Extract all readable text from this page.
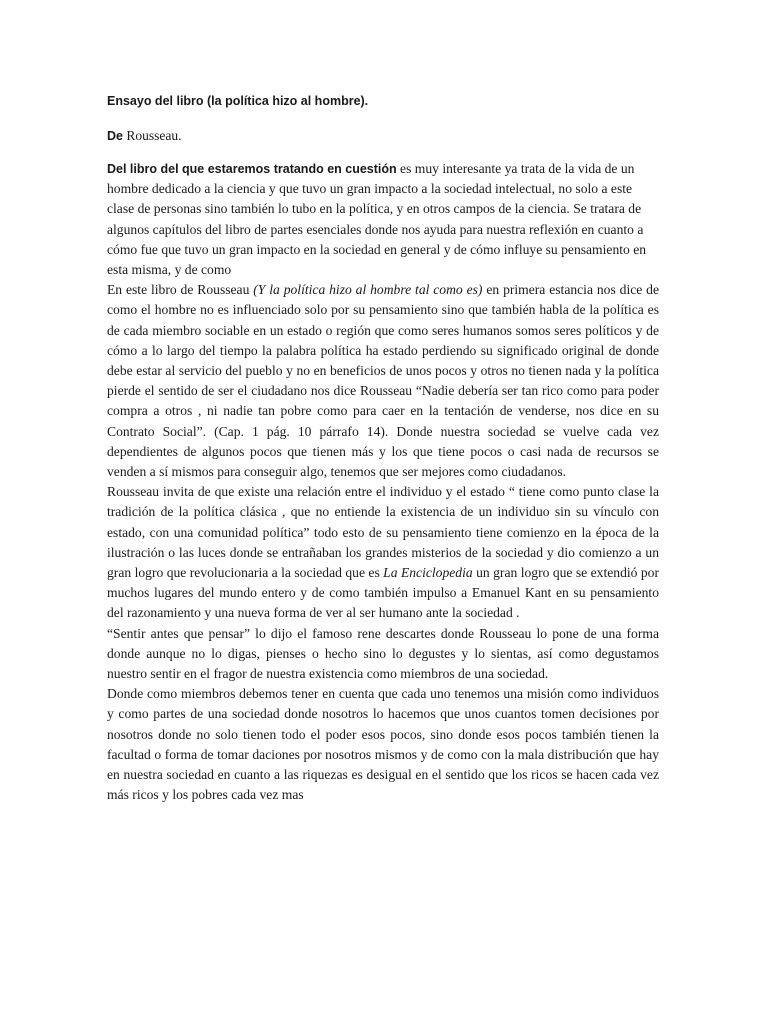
Ensayo del libro (la política hizo al hombre).
De Rousseau.

Del libro del que estaremos tratando en cuestión es muy interesante ya trata de la vida de un hombre dedicado a la ciencia y que tuvo un gran impacto a la sociedad intelectual, no solo a este clase de personas sino también lo tubo en la política, y en otros campos de la ciencia. Se tratara de algunos capítulos del libro de partes esenciales donde nos ayuda para nuestra reflexión en cuanto a cómo fue que tuvo un gran impacto en la sociedad en general y de cómo influye su pensamiento en esta misma, y de como

En este libro de Rousseau (Y la política hizo al hombre tal como es) en primera estancia nos dice de como el hombre no es influenciado solo por su pensamiento sino que también habla de la política es de cada miembro sociable en un estado o región que como seres humanos somos seres políticos y de cómo a lo largo del tiempo la palabra política ha estado perdiendo su significado original de donde debe estar al servicio del pueblo y no en beneficios de unos pocos y otros no tienen nada y la política pierde el sentido de ser el ciudadano nos dice Rousseau “Nadie debería ser tan rico como para poder compra a otros , ni nadie tan pobre como para caer en la tentación de venderse, nos dice en su Contrato Social”. (Cap. 1 pág. 10 párrafo 14). Donde nuestra sociedad se vuelve cada vez dependientes de algunos pocos que tienen más y los que tiene pocos o casi nada de recursos se venden a sí mismos para conseguir algo, tenemos que ser mejores como ciudadanos.

Rousseau invita de que existe una relación entre el individuo y el estado “ tiene como punto clase la tradición de la política clásica , que no entiende la existencia de un individuo sin su vínculo con estado, con una comunidad política” todo esto de su pensamiento tiene comienzo en la época de la ilustración o las luces donde se entrañaban los grandes misterios de la sociedad y dio comienzo a un gran logro que revolucionaria a la sociedad que es La Enciclopedia un gran logro que se extendió por muchos lugares del mundo entero y de como también impulso a Emanuel Kant en su pensamiento del razonamiento y una nueva forma de ver al ser humano ante la sociedad .

“Sentir antes que pensar” lo dijo el famoso rene descartes donde Rousseau lo pone de una forma donde aunque no lo digas, pienses o hecho sino lo degustes y lo sientas, así como degustamos nuestro sentir en el fragor de nuestra existencia como miembros de una sociedad.

Donde como miembros debemos tener en cuenta que cada uno tenemos una misión como individuos y como partes de una sociedad donde nosotros lo hacemos que unos cuantos tomen decisiones por nosotros donde no solo tienen todo el poder esos pocos, sino donde esos pocos también tienen la facultad o forma de tomar daciones por nosotros mismos y de como con la mala distribución que hay en nuestra sociedad en cuanto a las riquezas es desigual en el sentido que los ricos se hacen cada vez más ricos y los pobres cada vez mas
